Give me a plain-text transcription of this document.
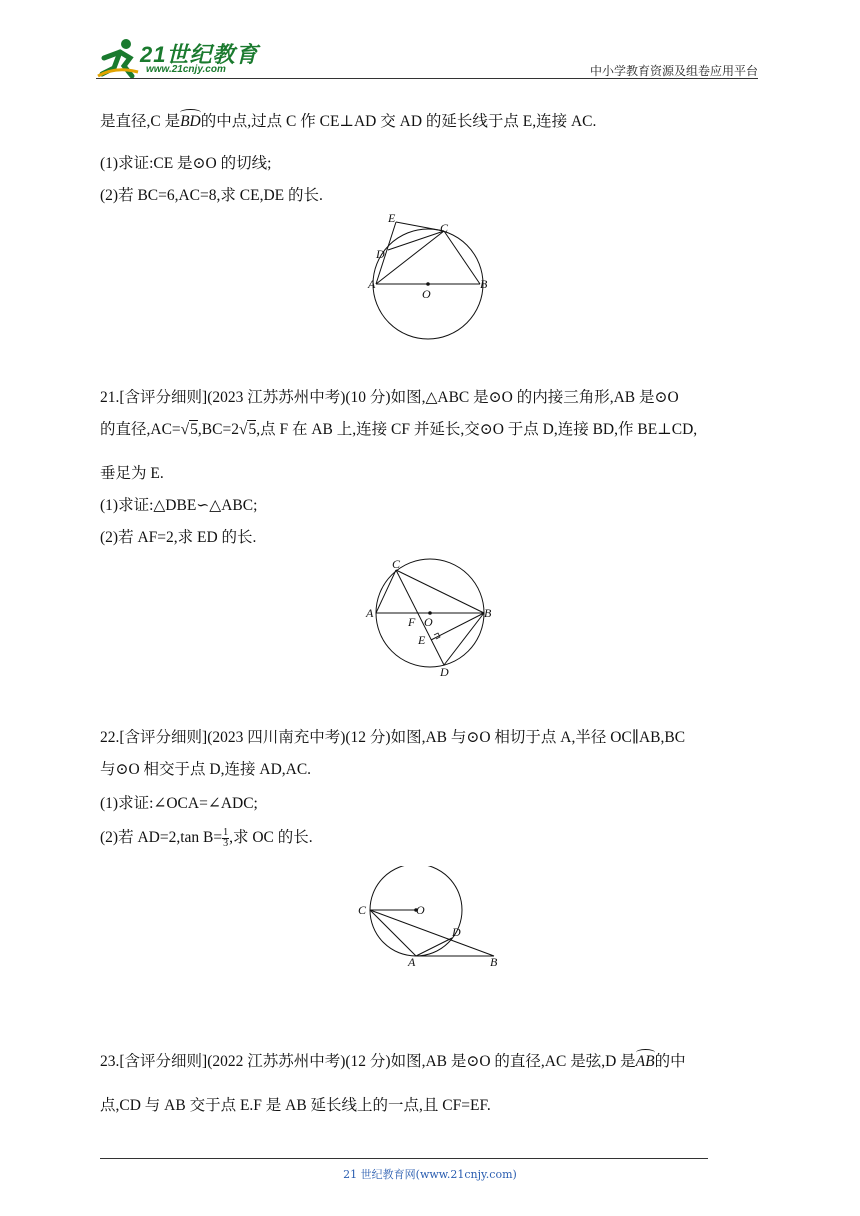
21世纪教育
www.21cnjy.com	中小学教育资源及组卷应用平台
是直径,C 是BD的中点,过点 C 作 CE⊥AD 交 AD 的延长线于点 E,连接 AC.
(1)求证:CE 是⊙O 的切线;
(2)若 BC=6,AC=8,求 CE,DE 的长.
E
C
D
A
O
B
21.[含评分细则](2023 江苏苏州中考)(10 分)如图,△ABC 是⊙O 的内接三角形,AB 是⊙O
的直径,AC=√5,BC=2√5,点 F 在 AB 上,连接 CF 并延长,交⊙O 于点 D,连接 BD,作 BE⊥CD,
垂足为 E.
(1)求证:△DBE∽△ABC;
(2)若 AF=2,求 ED 的长.
C
A
F O
B
E
D
22.[含评分细则](2023 四川南充中考)(12 分)如图,AB 与⊙O 相切于点 A,半径 OC∥AB,BC
与⊙O 相交于点 D,连接 AD,AC.
(1)求证:∠OCA=∠ADC;
(2)若 AD=2,tan $B= \frac{1}{3}$ ,求 OC 的长.
C	O
D
A	B
23.[含评分细则](2022 江苏苏州中考)(12 分)如图,AB 是⊙O 的直径,AC 是弦,D 是AB的中
点,CD 与 AB 交于点 E.F 是 AB 延长线上的一点,且 CF=EF.
21 世纪教育网(www.21cnjy.com)
